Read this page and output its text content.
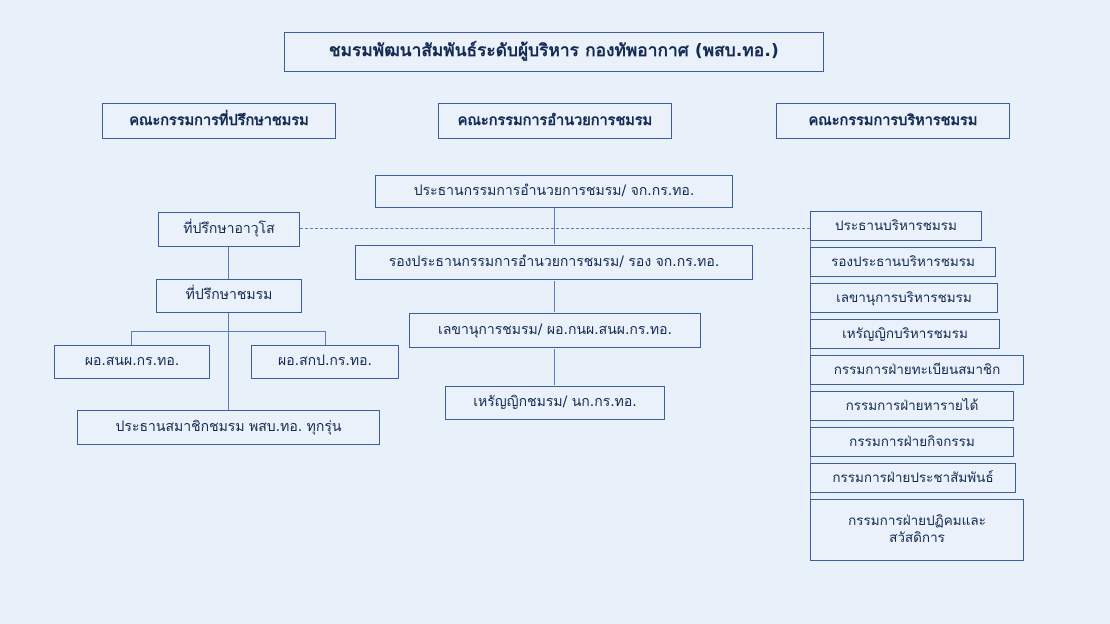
ชมรมพัฒนาสัมพันธ์ระดับผู้บริหาร กองทัพอากาศ (พสบ.ทอ.)
คณะกรรมการที่ปรึกษาชมรม	คณะกรรมการอำนวยการชมรม	คณะกรรมการบริหารชมรม
ประธานกรรมการอำนวยการชมรม/ จก.กร.ทอ.
รองประธานกรรมการอำนวยการชมรม/ รอง จก.กร.ทอ.
เลขานุการชมรม/ ผอ.กนผ.สนผ.กร.ทอ.
เหรัญญิกชมรม/ นก.กร.ทอ.
ที่ปรึกษาอาวุโส
ที่ปรึกษาชมรม
ผอ.สนผ.กร.ทอ.	ผอ.สกป.กร.ทอ.
ประธานสมาชิกชมรม พสบ.ทอ. ทุกรุ่น
ประธานบริหารชมรม
รองประธานบริหารชมรม
เลขานุการบริหารชมรม
เหรัญญิกบริหารชมรม
กรรมการฝ่ายทะเบียนสมาชิก
กรรมการฝ่ายหารายได้
กรรมการฝ่ายกิจกรรม
กรรมการฝ่ายประชาสัมพันธ์
กรรมการฝ่ายปฏิคมและสวัสดิการ
